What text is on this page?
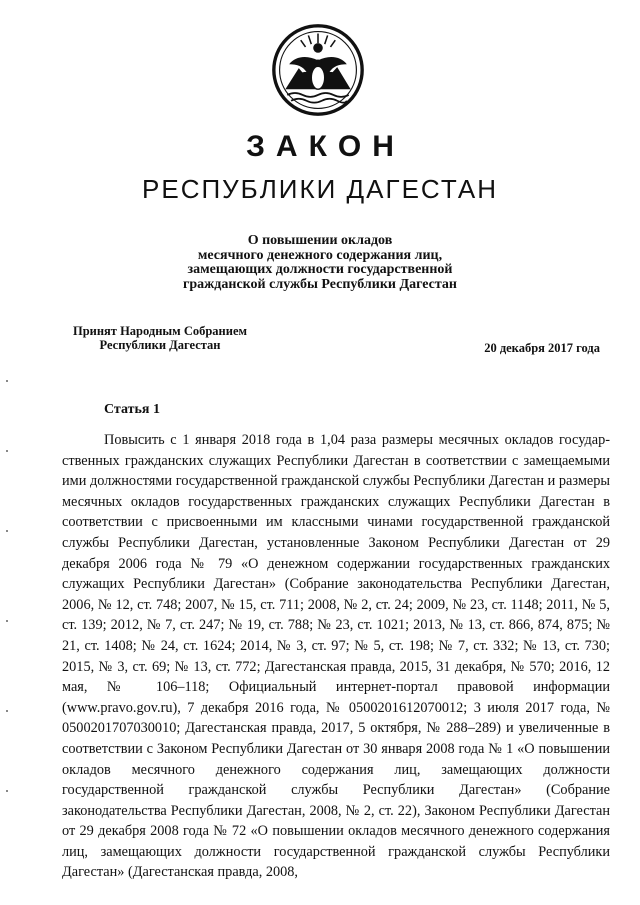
ЗАКОН
РЕСПУБЛИКИ ДАГЕСТАН
О повышении окладов
месячного денежного содержания лиц,
замещающих должности государственной
гражданской службы Республики Дагестан
Принят Народным Собранием
Республики Дагестан	20 декабря 2017 года
Статья 1
Повысить с 1 января 2018 года в 1,04 раза размеры месячных окладов государственных гражданских служащих Республики Дагестан в соответствии с замещаемыми ими должностями государственной гражданской службы Республики Дагестан и размеры месячных окладов государственных гражданских служащих Республики Дагестан в соответствии с присвоенными им классными чинами государственной гражданской службы Республики Дагестан, установленные Законом Республики Дагестан от 29 декабря 2006 года № 79 «О денежном содержании государственных гражданских служащих Республики Дагестан» (Собрание законодательства Республики Дагестан, 2006, № 12, ст. 748; 2007, № 15, ст. 711; 2008, № 2, ст. 24; 2009, № 23, ст. 1148; 2011, № 5, ст. 139; 2012, № 7, ст. 247; № 19, ст. 788; № 23, ст. 1021; 2013, № 13, ст. 866, 874, 875; № 21, ст. 1408; № 24, ст. 1624; 2014, № 3, ст. 97; № 5, ст. 198; № 7, ст. 332; № 13, ст. 730; 2015, № 3, ст. 69; № 13, ст. 772; Дагестанская правда, 2015, 31 декабря, № 570; 2016, 12 мая, № 106–118; Официальный интернет-портал правовой информации (www.pravo.gov.ru), 7 декабря 2016 года, № 0500201612070012; 3 июля 2017 года, № 0500201707030010; Дагестанская правда, 2017, 5 октября, № 288–289) и увеличенные в соответствии с Законом Республики Дагестан от 30 января 2008 года № 1 «О повышении окладов месячного денежного содержания лиц, замещающих должности государственной гражданской службы Республики Дагестан» (Собрание законодательства Республики Дагестан, 2008, № 2, ст. 22), Законом Республики Дагестан от 29 декабря 2008 года № 72 «О повышении окладов месячного денежного содержания лиц, замещающих должности государственной гражданской службы Республики Дагестан» (Дагестанская правда, 2008,
